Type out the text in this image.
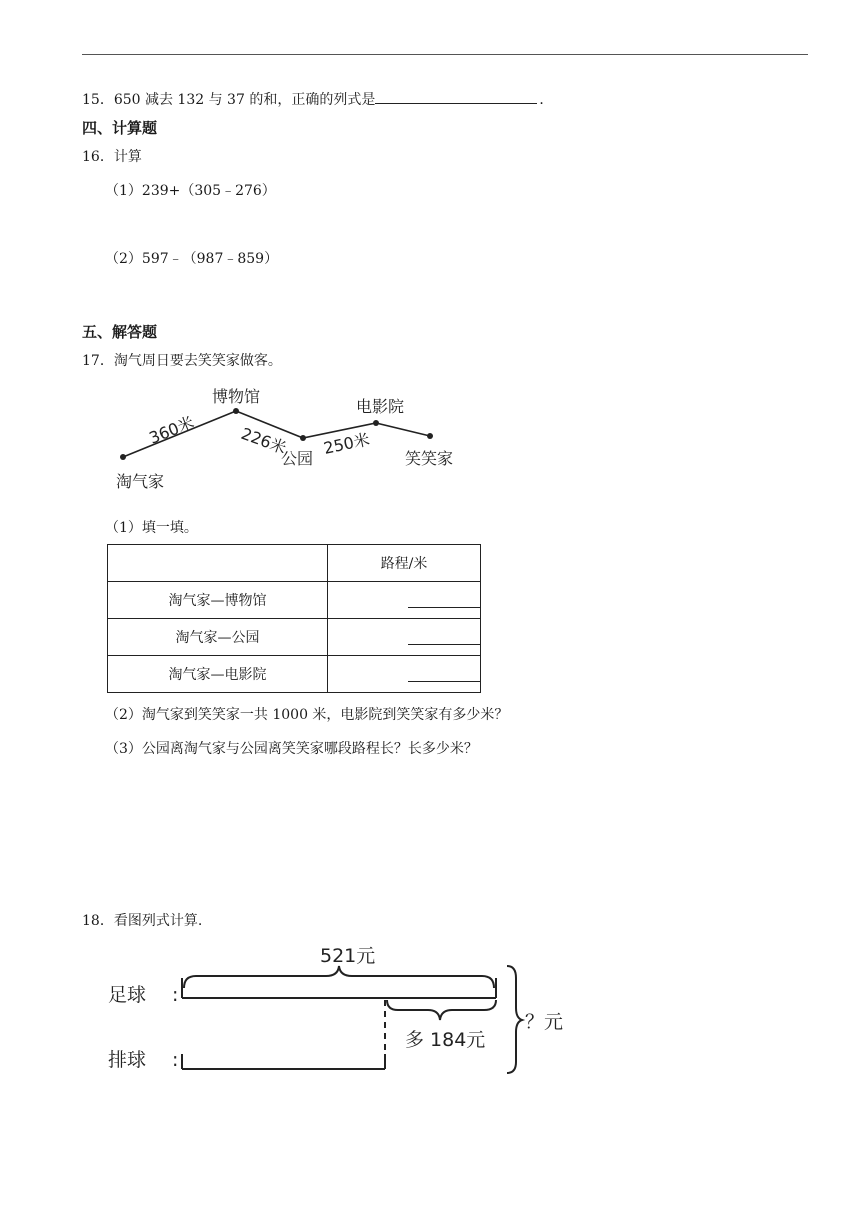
15．650 减去 132 与 37 的和，正确的列式是	．
四、计算题
16．计算
（1）239+（305﹣276）
（2）597﹣（987﹣859）
五、解答题
17．淘气周日要去笑笑家做客。
淘气家
博物馆
公园
电影院
笑笑家
360米	226米 250米
（1）填一填。
	路程/米
淘气家—博物馆	

淘气家—公园	

淘气家—电影院	
（2）淘气家到笑笑家一共 1000 米，电影院到笑笑家有多少米？
（3）公园离淘气家与公园离笑笑家哪段路程长？长多少米？
18．看图列式计算.
足球 :
排球 :
521元
多 184元
？元
